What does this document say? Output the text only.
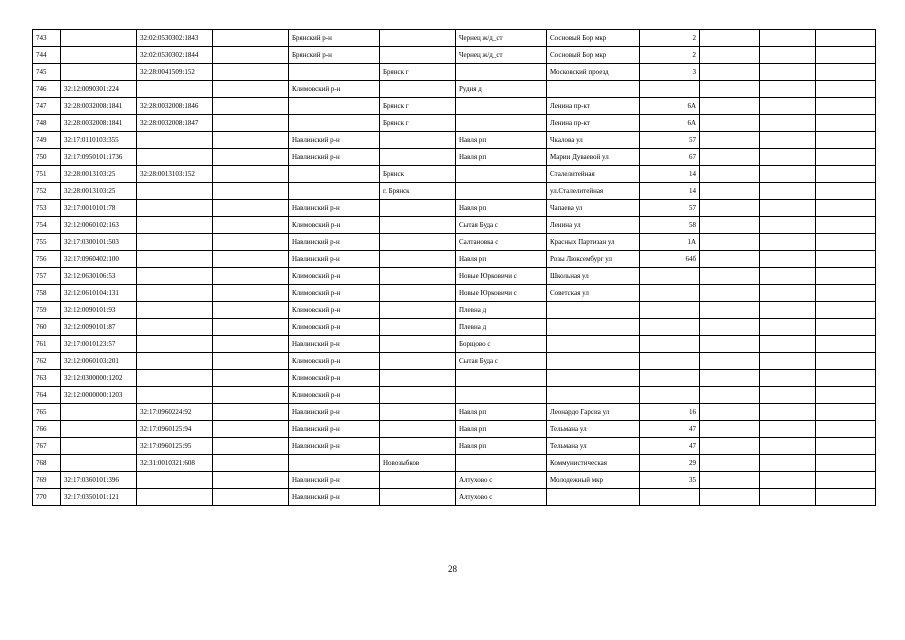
743		32:02:0530302:1843		Брянский р-н		Чернец ж/д_ст	Сосновый Бор мкр	2			
744		32:02:0530302:1844		Брянский р-н		Чернец ж/д_ст	Сосновый Бор мкр	2			
745		32:28:0041509:152			Брянск г		Московский проезд	3			
746	32:12:0090301:224			Климовский р-н		Рудня д					
747	32:28:0032008:1841	32:28:0032008:1846			Брянск г		Ленина пр-кт	6А			
748	32:28:0032008:1841	32:28:0032008:1847			Брянск г		Ленина пр-кт	6А			
749	32:17:0110103:355			Навлинский р-н		Навля рп	Чкалова ул	57			
750	32:17:0950101:1736			Навлинский р-н		Навля рп	Марии Дуваевой ул	67			
751	32:28:0013103:25	32:28:0013103:152			Брянск		Сталелитейная	14			
752	32:28:0013103:25				г. Брянск		ул.Сталелитейная	14			
753	32:17:0010101:78			Навлинский р-н		Навля рп	Чапаева ул	57			
754	32:12:0060102:163			Климовский р-н		Сытая Буда с	Ленина ул	58			
755	32:17:0300101:503			Навлинский р-н		Салтановка с	Красных Партизан ул	1А			
756	32:17:0960402:100			Навлинский р-н		Навля рп	Розы Люксембург ул	64б			
757	32:12:0630106:53			Климовский р-н		Новые Юрковичи с	Школьная ул				
758	32:12:0610104:131			Климовский р-н		Новые Юрковичи с	Советская ул				
759	32:12:0090101:93			Климовский р-н		Плевна д					
760	32:12:0090101:87			Климовский р-н		Плевна д					
761	32:17:0010123:57			Навлинский р-н		Борщово с					
762	32:12:0060103:201			Климовский р-н		Сытая Буда с					
763	32:12:0300000:1202			Климовский р-н							
764	32:12:0000000:1203			Климовский р-н							
765		32:17:0960224:92		Навлинский р-н		Навля рп	Леонардо Гарсиа ул	16			
766		32:17:0960125:94		Навлинский р-н		Навля рп	Тельмана ул	47			
767		32:17:0960125:95		Навлинский р-н		Навля рп	Тельмана ул	47			
768		32:31:0010321:608			Новозыбков		Коммунистическая	29			
769	32:17:0360101:396			Навлинский р-н		Алтухово с	Молодежный мкр	35			
770	32:17:0350101:121			Навлинский р-н		Алтухово с					
28
